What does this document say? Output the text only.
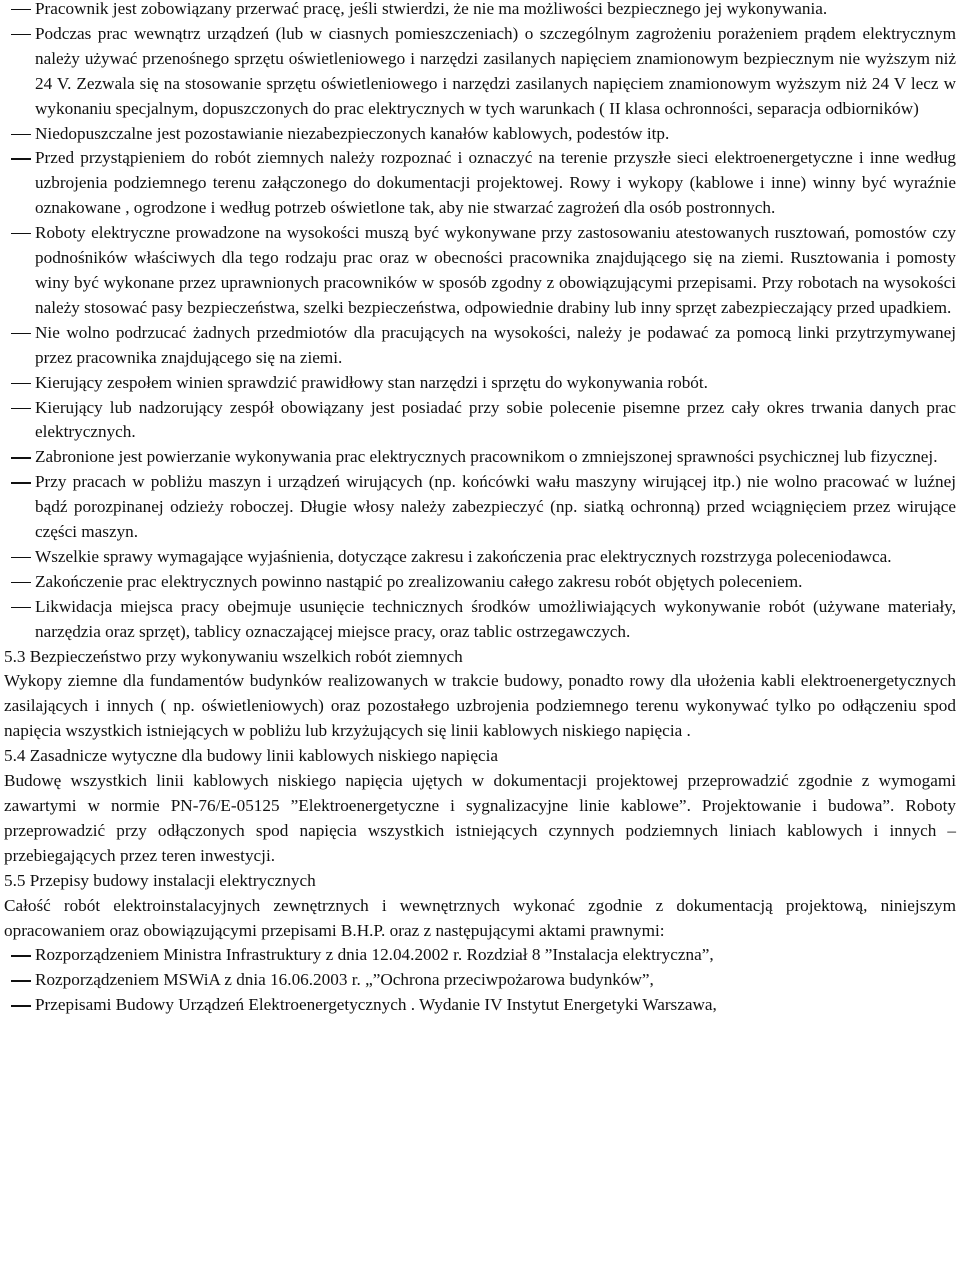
Pracownik jest zobowiązany przerwać pracę, jeśli stwierdzi, że nie ma możliwości bezpiecznego jej wykonywania.
Podczas prac wewnątrz urządzeń (lub w ciasnych pomieszczeniach) o szczególnym zagrożeniu porażeniem prądem elektrycznym należy używać przenośnego sprzętu oświetleniowego i narzędzi zasilanych napięciem znamionowym bezpiecznym nie wyższym niż 24 V. Zezwala się na stosowanie sprzętu oświetleniowego i narzędzi zasilanych napięciem znamionowym wyższym niż 24 V lecz w wykonaniu specjalnym, dopuszczonych do prac elektrycznych w tych warunkach ( II klasa ochronności, separacja odbiorników)
Niedopuszczalne jest pozostawianie niezabezpieczonych kanałów kablowych, podestów itp.
Przed przystąpieniem do robót ziemnych należy rozpoznać i oznaczyć na terenie przyszłe sieci elektroenergetyczne i inne według uzbrojenia podziemnego terenu załączonego do dokumentacji projektowej. Rowy i wykopy (kablowe i inne) winny być wyraźnie oznakowane , ogrodzone i według potrzeb oświetlone tak, aby nie stwarzać zagrożeń dla osób postronnych.
Roboty elektryczne prowadzone na wysokości muszą być wykonywane przy zastosowaniu atestowanych rusztowań, pomostów czy podnośników właściwych dla tego rodzaju prac oraz w obecności pracownika znajdującego się na ziemi. Rusztowania i pomosty winy być wykonane przez uprawnionych pracowników w sposób zgodny z obowiązującymi przepisami. Przy robotach na wysokości należy stosować pasy bezpieczeństwa, szelki bezpieczeństwa, odpowiednie drabiny lub inny sprzęt zabezpieczający przed upadkiem.
Nie wolno podrzucać żadnych przedmiotów dla pracujących na wysokości, należy je podawać za pomocą linki przytrzymywanej przez pracownika znajdującego się na ziemi.
Kierujący zespołem winien sprawdzić prawidłowy stan narzędzi i sprzętu do wykonywania robót.
Kierujący lub nadzorujący zespół obowiązany jest posiadać przy sobie polecenie pisemne przez cały okres trwania danych prac elektrycznych.
Zabronione jest powierzanie wykonywania prac elektrycznych pracownikom o zmniejszonej sprawności psychicznej lub fizycznej.
Przy pracach w pobliżu maszyn i urządzeń wirujących (np. końcówki wału maszyny wirującej itp.) nie wolno pracować w luźnej bądź porozpinanej odzieży roboczej. Długie włosy należy zabezpieczyć (np. siatką ochronną) przed wciągnięciem przez wirujące części maszyn.
Wszelkie sprawy wymagające wyjaśnienia, dotyczące zakresu i zakończenia prac elektrycznych rozstrzyga poleceniodawca.
Zakończenie prac elektrycznych powinno nastąpić po zrealizowaniu całego zakresu robót objętych poleceniem.
Likwidacja miejsca pracy obejmuje usunięcie technicznych środków umożliwiających wykonywanie robót (używane materiały, narzędzia oraz sprzęt), tablicy oznaczającej miejsce pracy, oraz tablic ostrzegawczych.
5.3 Bezpieczeństwo przy wykonywaniu wszelkich robót ziemnych
Wykopy ziemne dla fundamentów budynków realizowanych w trakcie budowy, ponadto rowy dla ułożenia kabli elektroenergetycznych zasilających i innych ( np. oświetleniowych) oraz pozostałego uzbrojenia podziemnego terenu wykonywać tylko po odłączeniu spod napięcia wszystkich istniejących w pobliżu lub krzyżujących się linii kablowych niskiego napięcia .
5.4 Zasadnicze wytyczne dla budowy linii kablowych niskiego napięcia
Budowę wszystkich linii kablowych niskiego napięcia ujętych w dokumentacji projektowej przeprowadzić zgodnie z wymogami zawartymi w normie PN-76/E-05125 ”Elektroenergetyczne i sygnalizacyjne linie kablowe”. Projektowanie i budowa”. Roboty przeprowadzić przy odłączonych spod napięcia wszystkich istniejących czynnych podziemnych liniach kablowych i innych – przebiegających przez teren inwestycji.
5.5 Przepisy budowy instalacji elektrycznych
Całość robót elektroinstalacyjnych zewnętrznych i wewnętrznych wykonać zgodnie z dokumentacją projektową, niniejszym opracowaniem oraz obowiązującymi przepisami B.H.P. oraz z następującymi aktami prawnymi:
Rozporządzeniem Ministra Infrastruktury z dnia 12.04.2002 r. Rozdział 8 ”Instalacja elektryczna”,
Rozporządzeniem MSWiA z dnia 16.06.2003 r. „”Ochrona przeciwpożarowa budynków”,
Przepisami Budowy Urządzeń Elektroenergetycznych . Wydanie IV Instytut Energetyki Warszawa,
